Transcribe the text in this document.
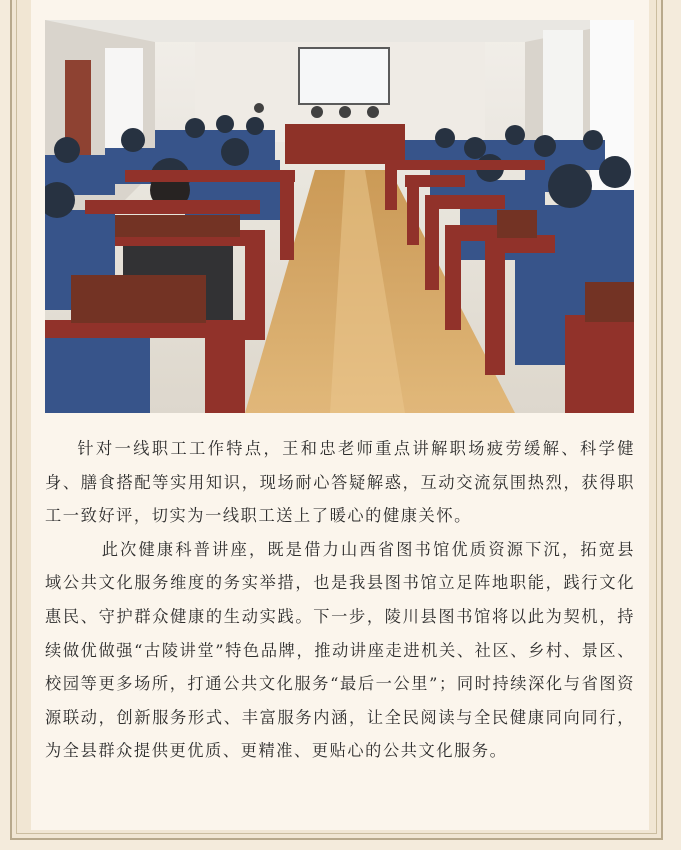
针对一线职工工作特点，王和忠老师重点讲解职场疲劳缓解、科学健身、膳食搭配等实用知识，现场耐心答疑解惑，互动交流氛围热烈，获得职工一致好评，切实为一线职工送上了暖心的健康关怀。

此次健康科普讲座，既是借力山西省图书馆优质资源下沉，拓宽县域公共文化服务维度的务实举措，也是我县图书馆立足阵地职能，践行文化惠民、守护群众健康的生动实践。下一步，陵川县图书馆将以此为契机，持续做优做强“古陵讲堂”特色品牌，推动讲座走进机关、社区、乡村、景区、校园等更多场所，打通公共文化服务“最后一公里”；同时持续深化与省图资源联动，创新服务形式、丰富服务内涵，让全民阅读与全民健康同向同行，为全县群众提供更优质、更精准、更贴心的公共文化服务。
